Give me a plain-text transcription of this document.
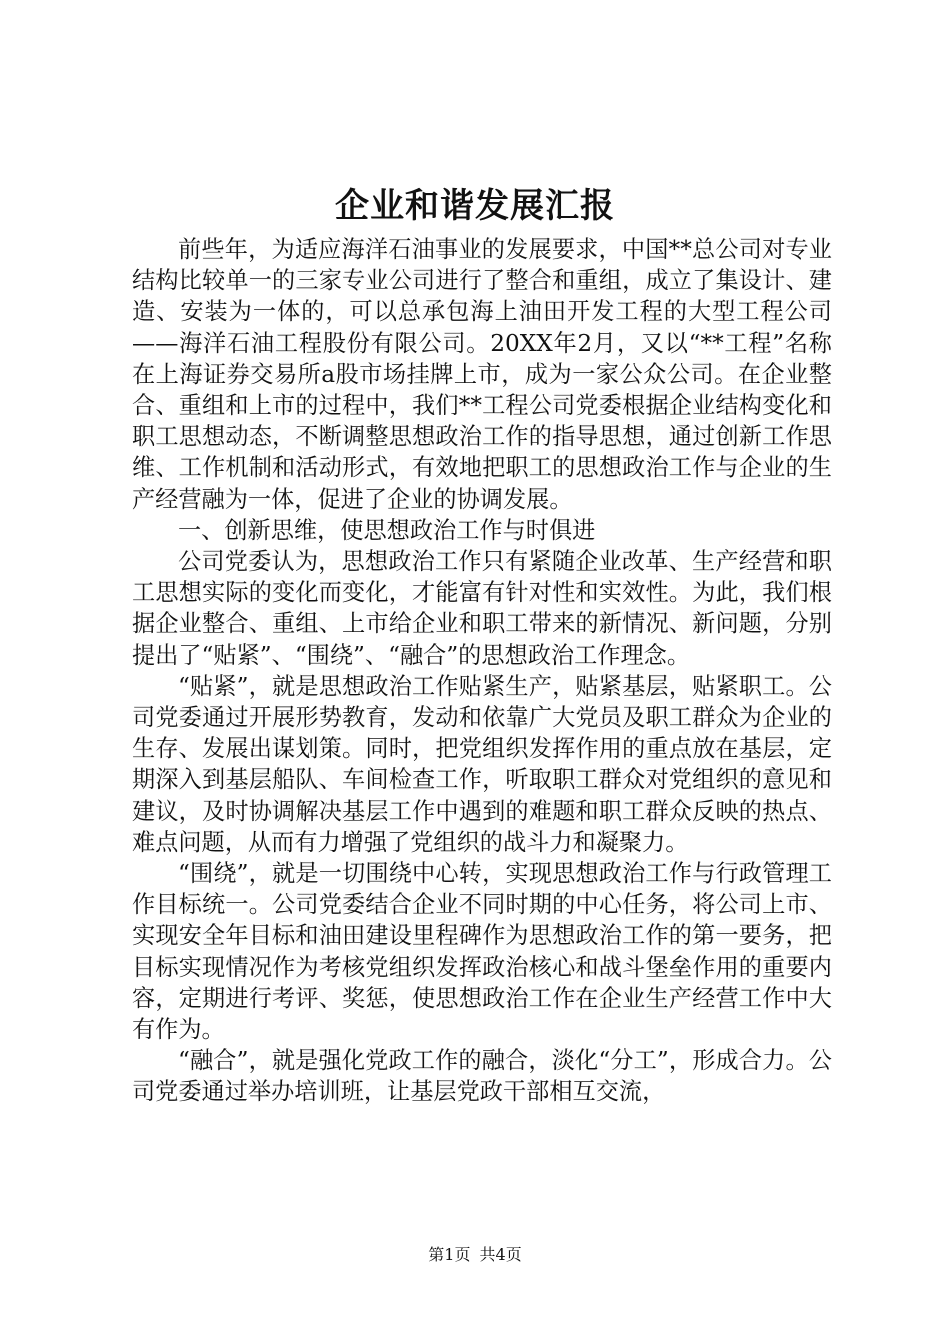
企业和谐发展汇报

前些年，为适应海洋石油事业的发展要求，中国**总公司对专业结构比较单一的三家专业公司进行了整合和重组，成立了集设计、建造、安装为一体的，可以总承包海上油田开发工程的大型工程公司——海洋石油工程股份有限公司。20XX年2月，又以“**工程”名称在上海证券交易所a股市场挂牌上市，成为一家公众公司。在企业整合、重组和上市的过程中，我们**工程公司党委根据企业结构变化和职工思想动态，不断调整思想政治工作的指导思想，通过创新工作思维、工作机制和活动形式，有效地把职工的思想政治工作与企业的生产经营融为一体，促进了企业的协调发展。

一、创新思维，使思想政治工作与时俱进

公司党委认为，思想政治工作只有紧随企业改革、生产经营和职工思想实际的变化而变化，才能富有针对性和实效性。为此，我们根据企业整合、重组、上市给企业和职工带来的新情况、新问题，分别提出了“贴紧”、“围绕”、“融合”的思想政治工作理念。

“贴紧”，就是思想政治工作贴紧生产，贴紧基层，贴紧职工。公司党委通过开展形势教育，发动和依靠广大党员及职工群众为企业的生存、发展出谋划策。同时，把党组织发挥作用的重点放在基层，定期深入到基层船队、车间检查工作，听取职工群众对党组织的意见和建议，及时协调解决基层工作中遇到的难题和职工群众反映的热点、难点问题，从而有力增强了党组织的战斗力和凝聚力。

“围绕”，就是一切围绕中心转，实现思想政治工作与行政管理工作目标统一。公司党委结合企业不同时期的中心任务，将公司上市、实现安全年目标和油田建设里程碑作为思想政治工作的第一要务，把目标实现情况作为考核党组织发挥政治核心和战斗堡垒作用的重要内容，定期进行考评、奖惩，使思想政治工作在企业生产经营工作中大有作为。

“融合”，就是强化党政工作的融合，淡化“分工”，形成合力。公司党委通过举办培训班，让基层党政干部相互交流，

第1页 共4页
